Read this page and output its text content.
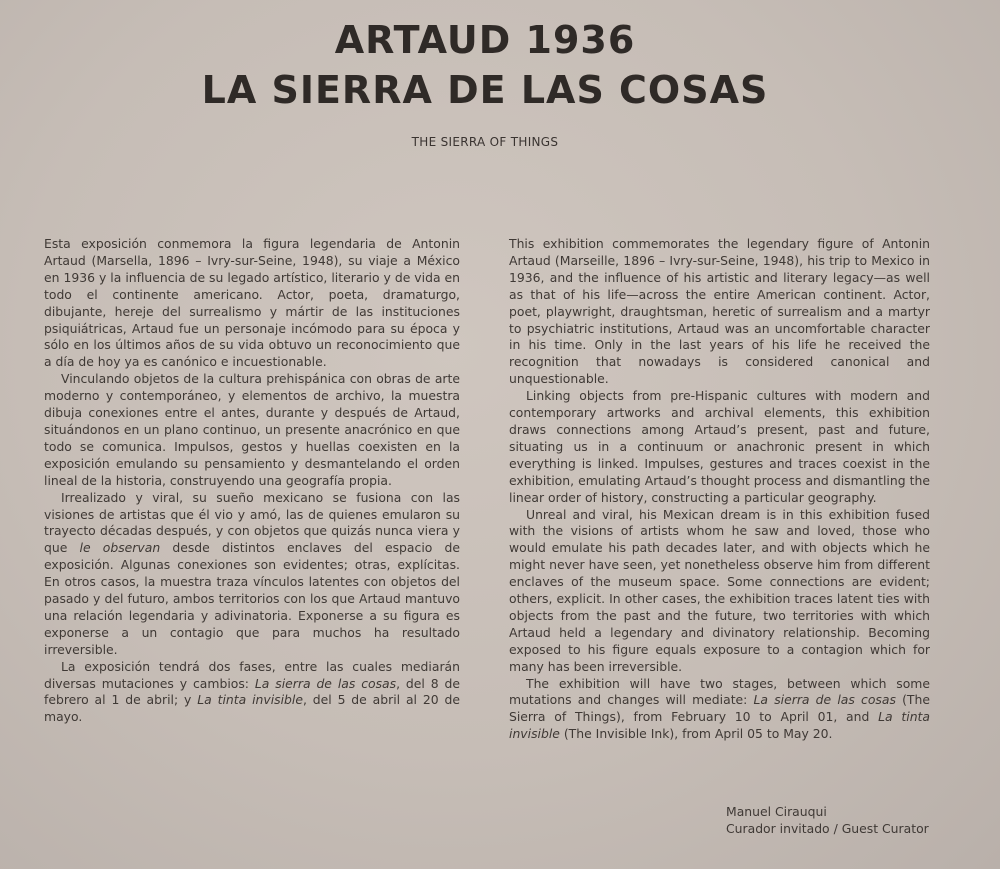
ARTAUD 1936
LA SIERRA DE LAS COSAS
THE SIERRA OF THINGS

Esta exposición conmemora la figura legendaria de Antonin Artaud (Marsella, 1896 – Ivry-sur-Seine, 1948), su viaje a México en 1936 y la influencia de su legado artístico, literario y de vida en todo el continente americano. Actor, poeta, dramaturgo, dibujante, hereje del surrealismo y mártir de las instituciones psiquiátricas, Artaud fue un personaje incómodo para su época y sólo en los últimos años de su vida obtuvo un reconocimiento que a día de hoy ya es canónico e incuestionable.

Vinculando objetos de la cultura prehispánica con obras de arte moderno y contemporáneo, y elementos de archivo, la muestra dibuja conexiones entre el antes, durante y después de Artaud, situándonos en un plano continuo, un presente anacrónico en que todo se comunica. Impulsos, gestos y huellas coexisten en la exposición emulando su pensamiento y desmantelando el orden lineal de la historia, construyendo una geografía propia.

Irrealizado y viral, su sueño mexicano se fusiona con las visiones de artistas que él vio y amó, las de quienes emularon su trayecto décadas después, y con objetos que quizás nunca viera y que le observan desde distintos enclaves del espacio de exposición. Algunas conexiones son evidentes; otras, explícitas. En otros casos, la muestra traza vínculos latentes con objetos del pasado y del futuro, ambos territorios con los que Artaud mantuvo una relación legendaria y adivinatoria. Exponerse a su figura es exponerse a un contagio que para muchos ha resultado irreversible.

La exposición tendrá dos fases, entre las cuales mediarán diversas mutaciones y cambios: La sierra de las cosas, del 8 de febrero al 1 de abril; y La tinta invisible, del 5 de abril al 20 de mayo.

This exhibition commemorates the legendary figure of Antonin Artaud (Marseille, 1896 – Ivry-sur-Seine, 1948), his trip to Mexico in 1936, and the influence of his artistic and literary legacy—as well as that of his life—across the entire American continent. Actor, poet, playwright, draughtsman, heretic of surrealism and a martyr to psychiatric institutions, Artaud was an uncomfortable character in his time. Only in the last years of his life he received the recognition that nowadays is considered canonical and unquestionable.

Linking objects from pre-Hispanic cultures with modern and contemporary artworks and archival elements, this exhibition draws connections among Artaud’s present, past and future, situating us in a continuum or anachronic present in which everything is linked. Impulses, gestures and traces coexist in the exhibition, emulating Artaud’s thought process and dismantling the linear order of history, constructing a particular geography.

Unreal and viral, his Mexican dream is in this exhibition fused with the visions of artists whom he saw and loved, those who would emulate his path decades later, and with objects which he might never have seen, yet nonetheless observe him from different enclaves of the museum space. Some connections are evident; others, explicit. In other cases, the exhibition traces latent ties with objects from the past and the future, two territories with which Artaud held a legendary and divinatory relationship. Becoming exposed to his figure equals exposure to a contagion which for many has been irreversible.

The exhibition will have two stages, between which some mutations and changes will mediate: La sierra de las cosas (The Sierra of Things), from February 10 to April 01, and La tinta invisible (The Invisible Ink), from April 05 to May 20.

Manuel Cirauqui
Curador invitado / Guest Curator
